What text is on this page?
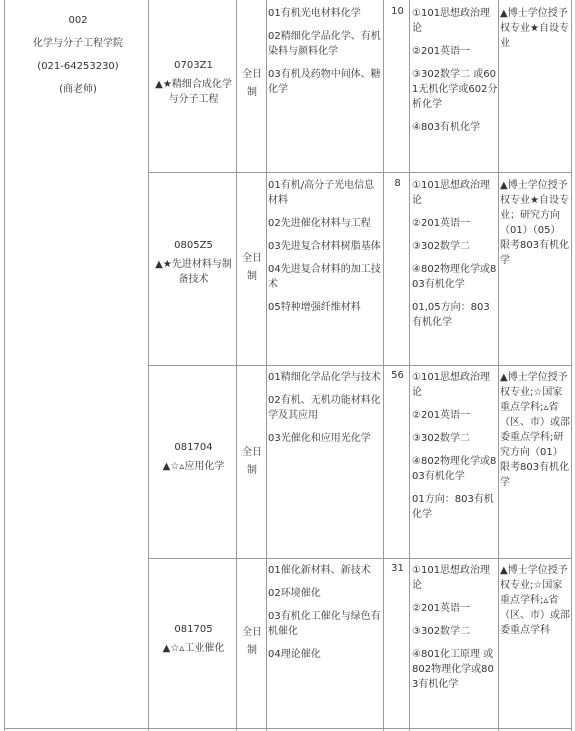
002
化学与分子工程学院
(021-64253230)
(商老师)
0703Z1
▲★精细合成化学与分子工程
全日制
01有机光电材料化学
02精细化学品化学、有机染料与颜料化学
03有机及药物中间体、糖化学
10 ①101思想政治理论
②201英语一
③302数学二 或601无机化学或602分析化学
④803有机化学
▲博士学位授予权专业★自设专业
0805Z5
▲★先进材料与制备技术
全日制
01有机/高分子光电信息材料
02先进催化材料与工程
03先进复合材料树脂基体
04先进复合材料的加工技术
05特种增强纤维材料
8	①101思想政治理论
②201英语一
③302数学二
④802物理化学或803有机化学
01,05方向：803有机化学
▲博士学位授予权专业★自设专业；研究方向（01）（05）限考803有机化学
081704
▲☆▵应用化学
全日制
01精细化学品化学与技术
02有机、无机功能材料化学及其应用
03光催化和应用光化学
56 ①101思想政治理论
②201英语一
③302数学二
④802物理化学或803有机化学
01方向：803有机化学
▲博士学位授予权专业;☆国家重点学科;▵省（区、市）或部委重点学科;研究方向（01）限考803有机化学
081705
▲☆▵工业催化
全日制
01催化新材料、新技术
02环境催化
03有机化工催化与绿色有机催化
04理论催化
31 ①101思想政治理论
②201英语一
③302数学二
④801化工原理 或802物理化学或803有机化学
▲博士学位授予权专业;☆国家重点学科;▵省（区、市）或部委重点学科
